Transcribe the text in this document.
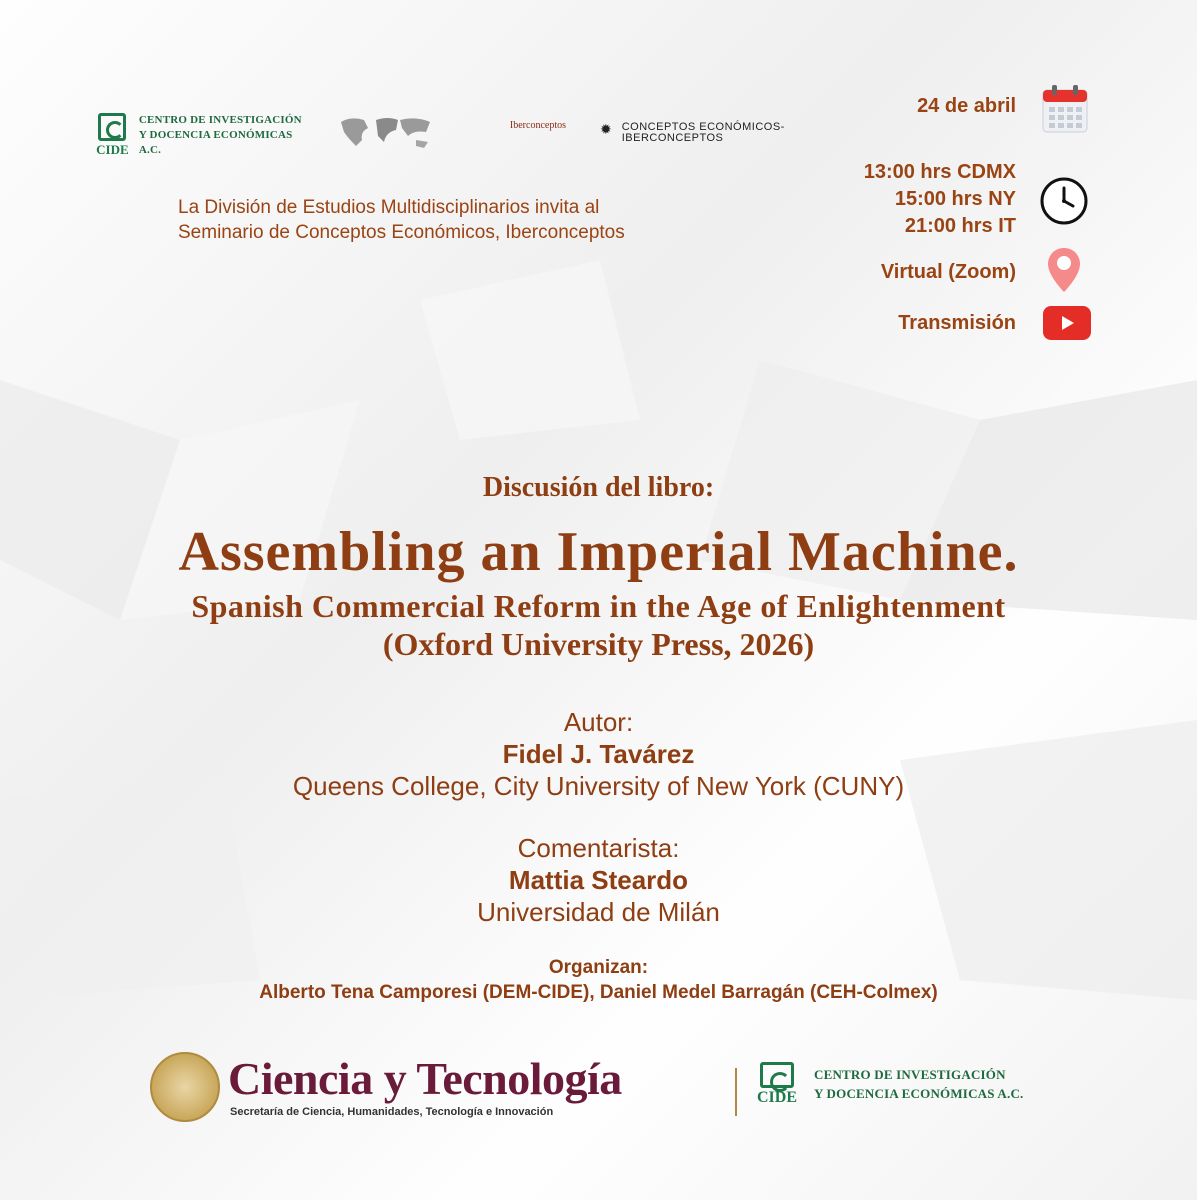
CIDE
CENTRO DE INVESTIGACIÓN
Y DOCENCIA ECONÓMICAS A.C.
Iberconceptos
✹ CONCEPTOS ECONÓMICOS-
IBERCONCEPTOS
La División de Estudios Multidisciplinarios invita al
Seminario de Conceptos Económicos, Iberconceptos
24 de abril
13:00 hrs CDMX
15:00 hrs NY
21:00 hrs IT
Virtual (Zoom)
Transmisión
Discusión del libro:
Assembling an Imperial Machine.
Spanish Commercial Reform in the Age of Enlightenment
(Oxford University Press, 2026)
Autor:
Fidel J. Tavárez
Queens College, City University of New York (CUNY)
Comentarista:
Mattia Steardo
Universidad de Milán
Organizan:
Alberto Tena Camporesi (DEM-CIDE), Daniel Medel Barragán (CEH-Colmex)
Ciencia y Tecnología
Secretaría de Ciencia, Humanidades, Tecnología e Innovación
CIDE
CENTRO DE INVESTIGACIÓN
Y DOCENCIA ECONÓMICAS A.C.
